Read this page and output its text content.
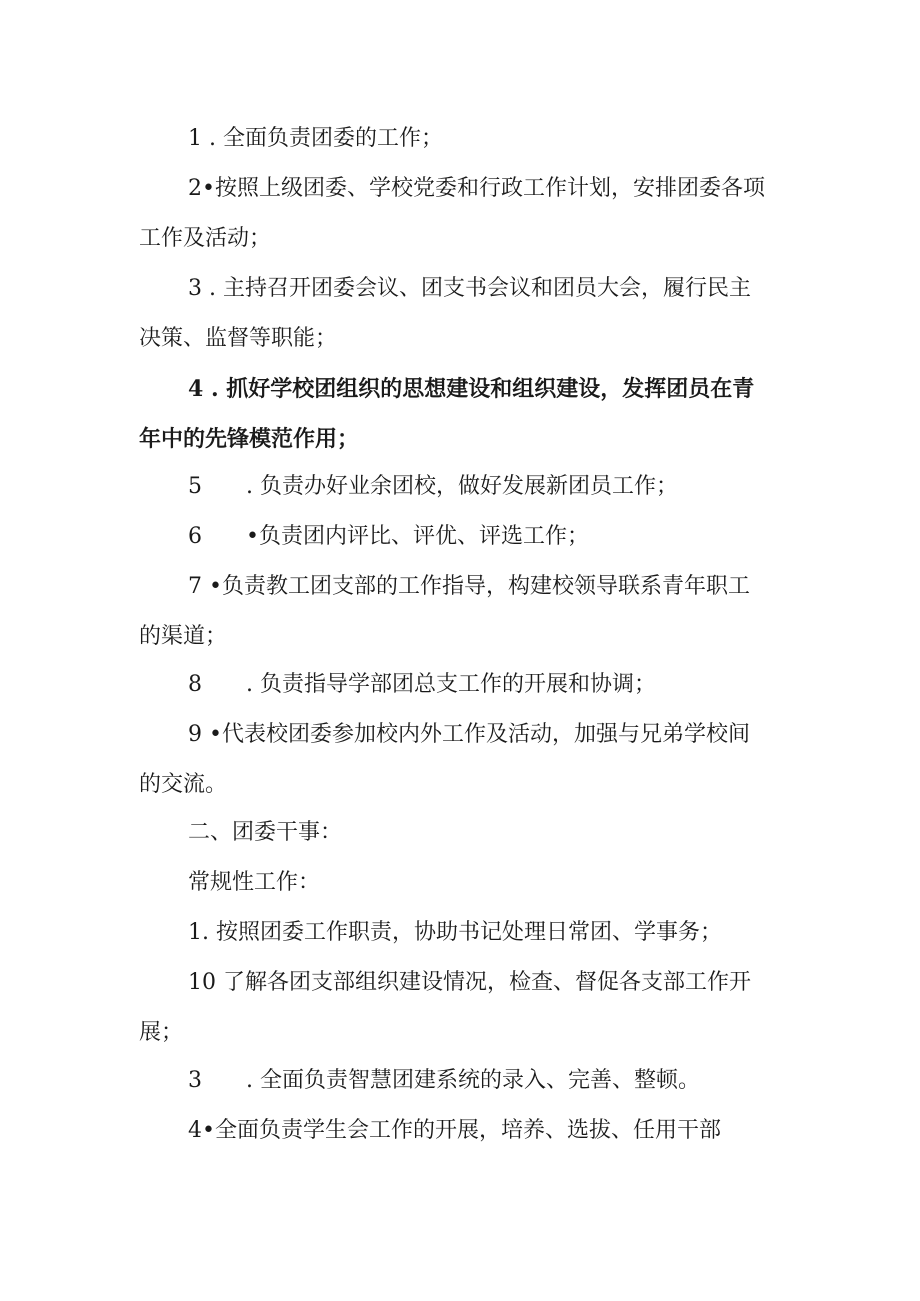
1 . 全面负责团委的工作；
2•按照上级团委、学校党委和行政工作计划，安排团委各项
工作及活动；
3 . 主持召开团委会议、团支书会议和团员大会，履行民主
决策、监督等职能；
4 . 抓好学校团组织的思想建设和组织建设，发挥团员在青
年中的先锋模范作用；
5　　. 负责办好业余团校，做好发展新团员工作；
6　　•负责团内评比、评优、评选工作；
7 •负责教工团支部的工作指导，构建校领导联系青年职工
的渠道；
8　　. 负责指导学部团总支工作的开展和协调；
9 •代表校团委参加校内外工作及活动，加强与兄弟学校间
的交流。
二、团委干事：
常规性工作：
1. 按照团委工作职责，协助书记处理日常团、学事务；
10 了解各团支部组织建设情况，检查、督促各支部工作开
展；
3　　. 全面负责智慧团建系统的录入、完善、整顿。
4•全面负责学生会工作的开展，培养、选拔、任用干部
